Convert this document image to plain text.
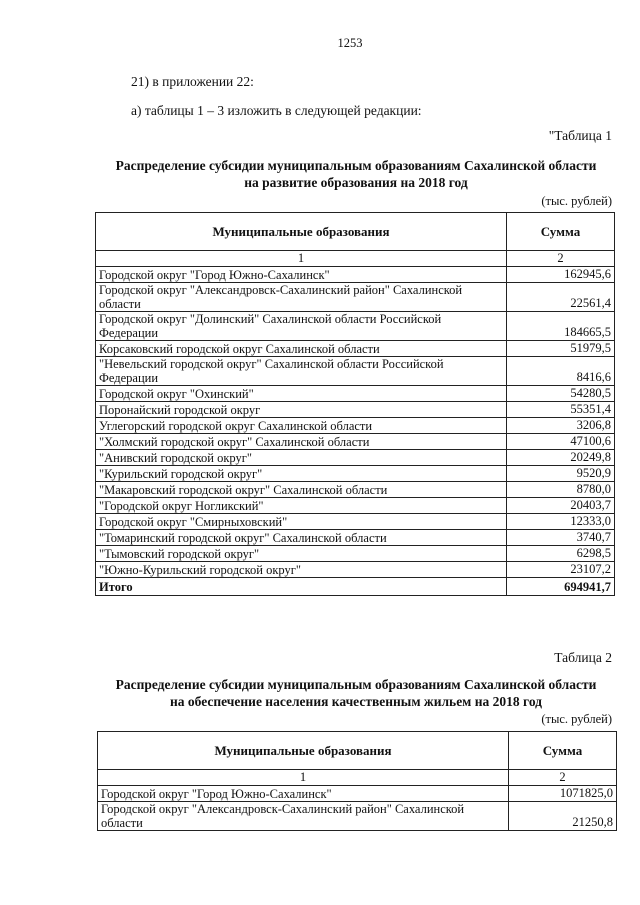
1253
21) в приложении 22:
а) таблицы 1 – 3 изложить в следующей редакции:
"Таблица 1
Распределение субсидии муниципальным образованиям Сахалинской области
на развитие образования на 2018 год
(тыс. рублей)
Муниципальные образования	Сумма
1	2
Городской округ "Город Южно-Сахалинск"	162945,6
Городской округ "Александровск-Сахалинский район" Сахалинской области	22561,4
Городской округ "Долинский" Сахалинской области Российской Федерации	184665,5
Корсаковский городской округ Сахалинской области	51979,5
"Невельский городской округ" Сахалинской области Российской Федерации	8416,6
Городской округ "Охинский"	54280,5
Поронайский городской округ	55351,4
Углегорский городской округ Сахалинской области	3206,8
"Холмский городской округ" Сахалинской области	47100,6
"Анивский городской округ"	20249,8
"Курильский городской округ"	9520,9
"Макаровский городской округ" Сахалинской области	8780,0
"Городской округ Ногликский"	20403,7
Городской округ "Смирныховский"	12333,0
"Томаринский городской округ" Сахалинской области	3740,7
"Тымовский городской округ"	6298,5
"Южно-Курильский городской округ"	23107,2
Итого	694941,7
Таблица 2
Распределение субсидии муниципальным образованиям Сахалинской области
на обеспечение населения качественным жильем на 2018 год
(тыс. рублей)
Муниципальные образования	Сумма
1	2
Городской округ "Город Южно-Сахалинск"	1071825,0
Городской округ "Александровск-Сахалинский район" Сахалинской области	21250,8
